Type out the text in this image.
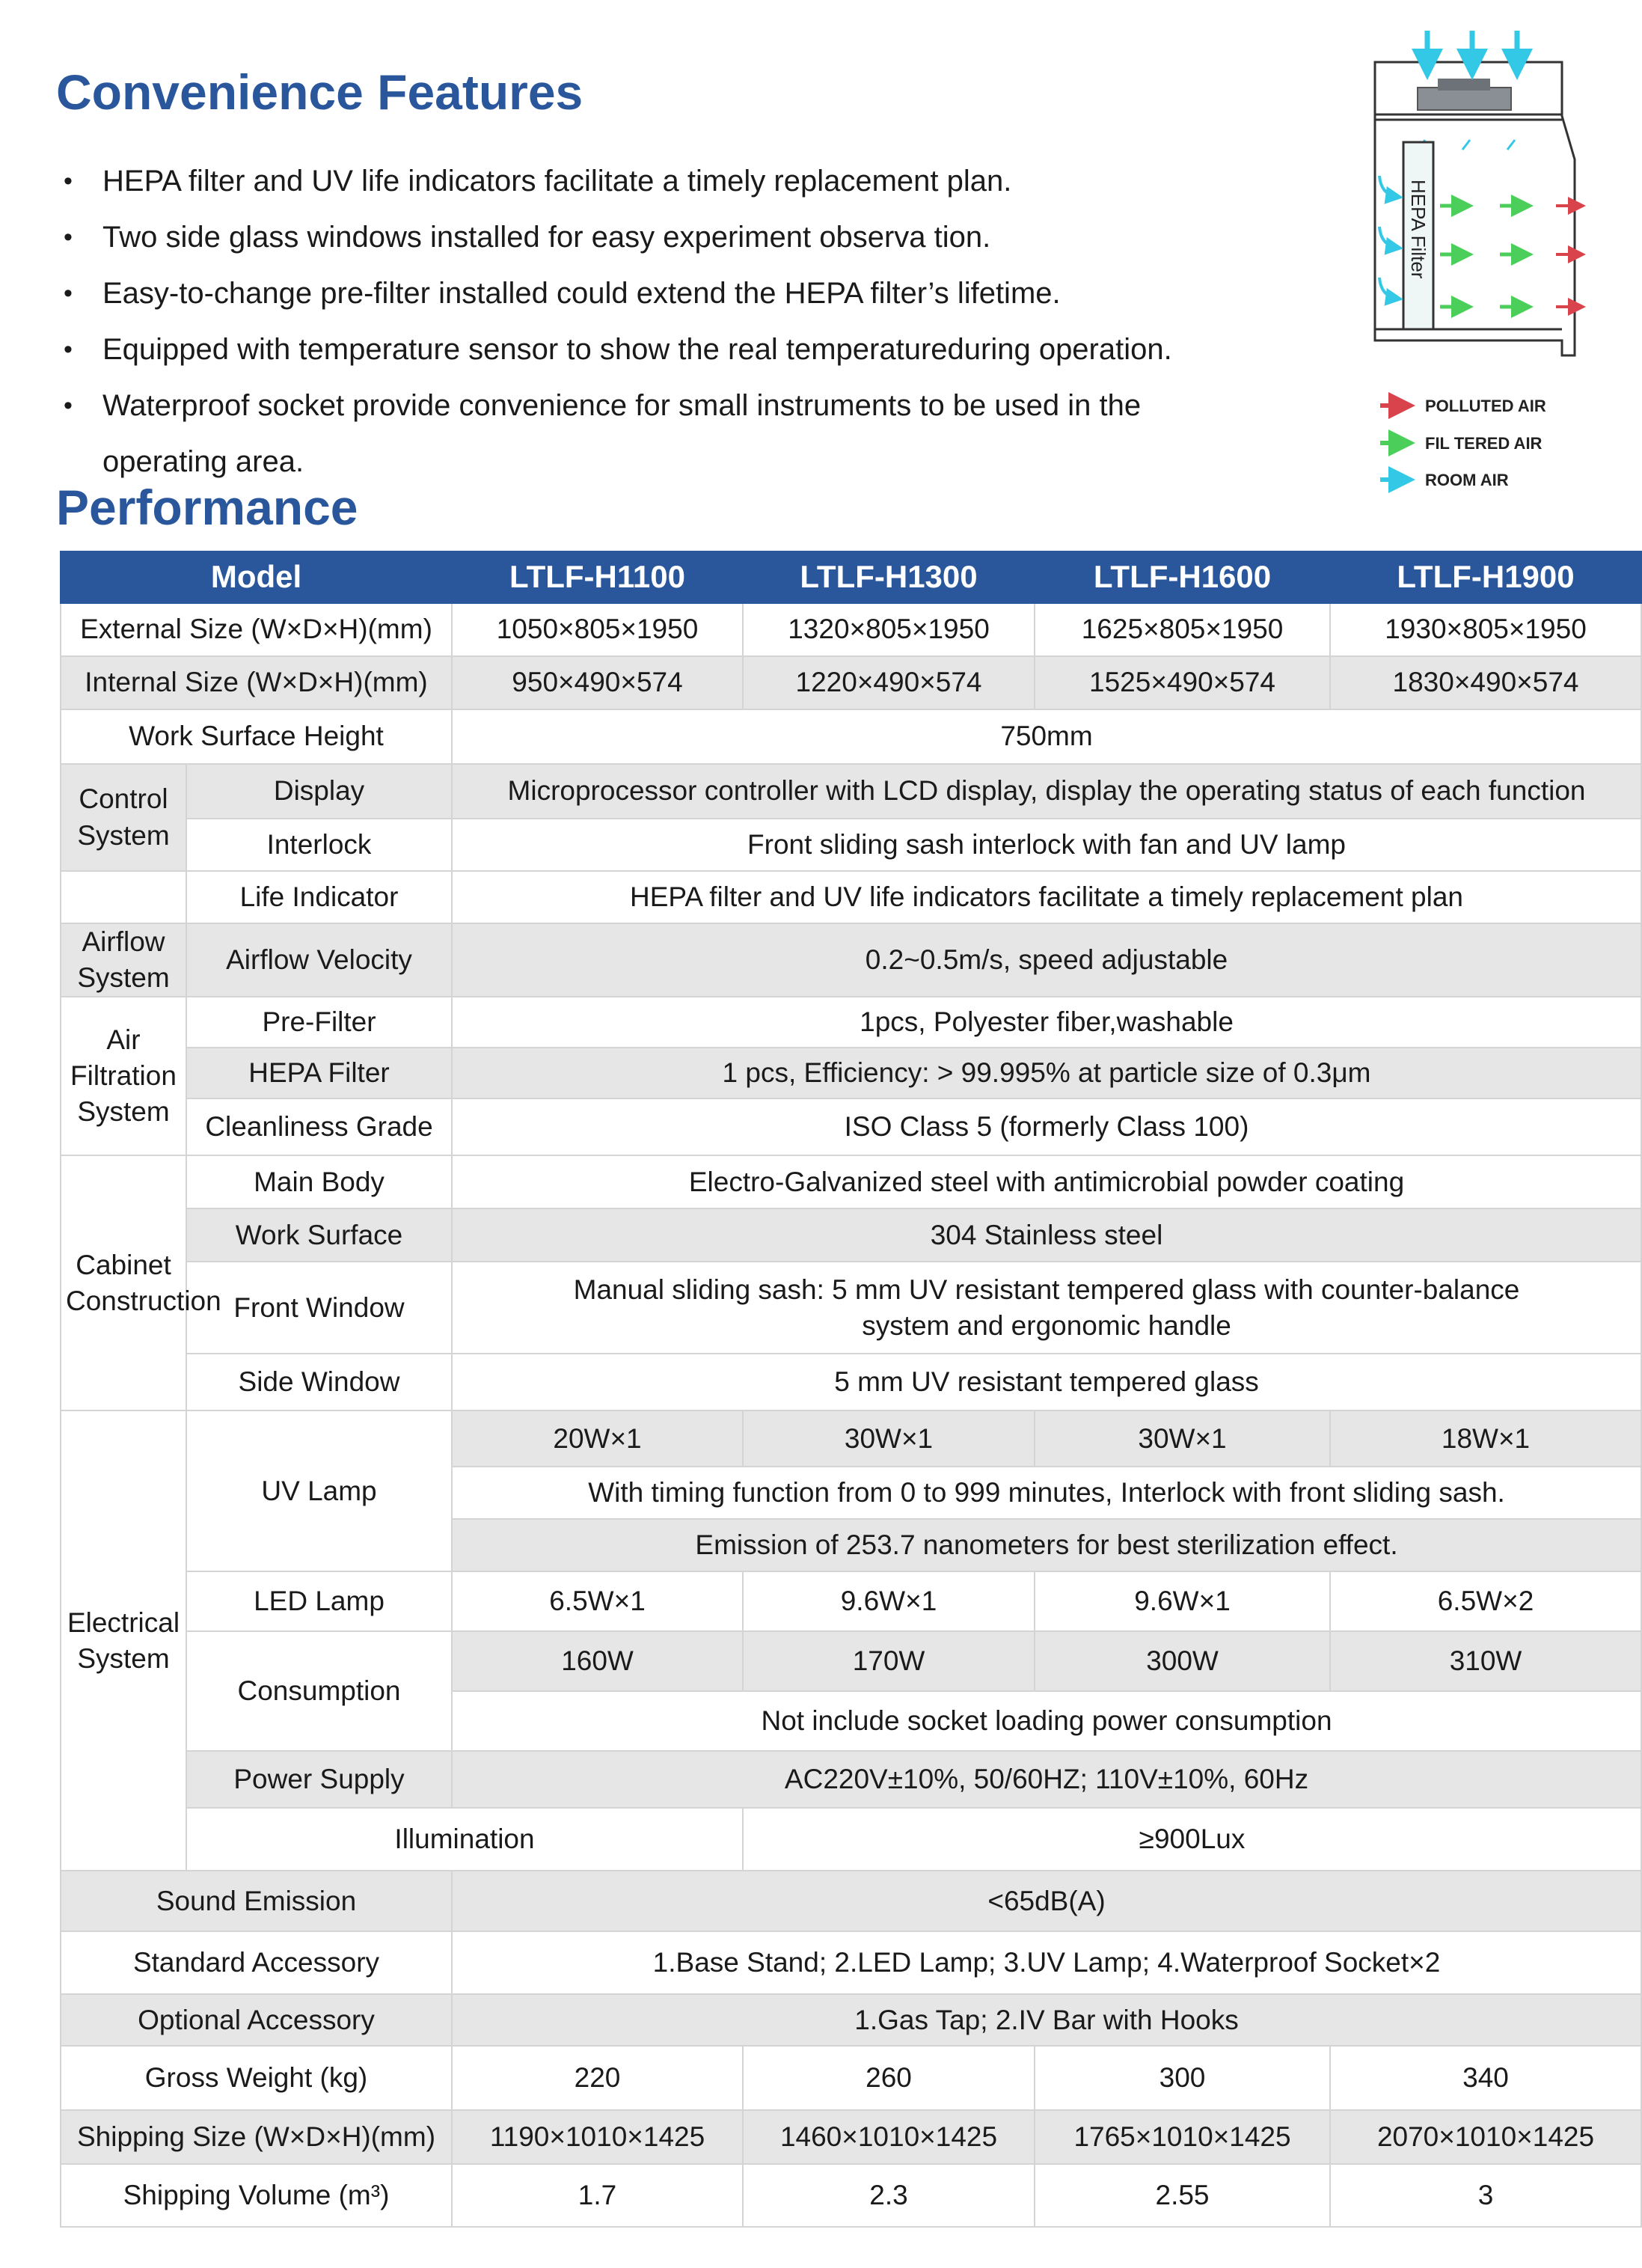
Convenience Features
• HEPA filter and UV life indicators facilitate a timely replacement plan.
• Two side glass windows installed for easy experiment observa tion.
• Easy-to-change pre-filter installed could extend the HEPA filter’s lifetime.
• Equipped with temperature sensor to show the real temperatureduring operation.
• Waterproof socket provide convenience for small instruments to be used in the operating area.
HEPA Filter
POLLUTED AIR
FIL TERED AIR
ROOM AIR
Performance
Model		LTLF-H1100	LTLF-H1300	LTLF-H1600	LTLF-H1900
External Size (W×D×H)(mm)		1050×805×1950	1320×805×1950	1625×805×1950	1930×805×1950
Internal Size (W×D×H)(mm)		950×490×574	1220×490×574	1525×490×574	1830×490×574
Work Surface Height		750mm			
Control System	Display	Microprocessor controller with LCD display, display the operating status of each function			
	Interlock	Front sliding sash interlock with fan and UV lamp			
	Life Indicator	HEPA filter and UV life indicators facilitate a timely replacement plan			
Airflow System	Airflow Velocity	0.2~0.5m/s, speed adjustable			
Air Filtration System	Pre-Filter	1pcs, Polyester fiber,washable			
	HEPA Filter	1 pcs, Efficiency: > 99.995% at particle size of 0.3μm			
	Cleanliness Grade	ISO Class 5 (formerly Class 100)			
Cabinet Construction	Main Body	Electro-Galvanized steel with antimicrobial powder coating			
	Work Surface	304 Stainless steel			
	Front Window	Manual sliding sash: 5 mm UV resistant tempered glass with counter-balance system and ergonomic handle			
	Side Window	5 mm UV resistant tempered glass			
Electrical System	UV Lamp	20W×1	30W×1	30W×1	18W×1
		With timing function from 0 to 999 minutes, Interlock with front sliding sash.			
		Emission of 253.7 nanometers for best sterilization effect.			
	LED Lamp	6.5W×1	9.6W×1	9.6W×1	6.5W×2
	Consumption	160W	170W	300W	310W
		Not include socket loading power consumption			
	Power Supply	AC220V±10%, 50/60HZ; 110V±10%, 60Hz			
	Illumination		≥900Lux		
Sound Emission		<65dB(A)			
Standard Accessory		1.Base Stand; 2.LED Lamp; 3.UV Lamp; 4.Waterproof Socket×2			
Optional Accessory		1.Gas Tap; 2.IV Bar with Hooks			
Gross Weight (kg)		220	260	300	340
Shipping Size (W×D×H)(mm)		1190×1010×1425	1460×1010×1425	1765×1010×1425	2070×1010×1425
Shipping Volume (m³)		1.7	2.3	2.55	3
